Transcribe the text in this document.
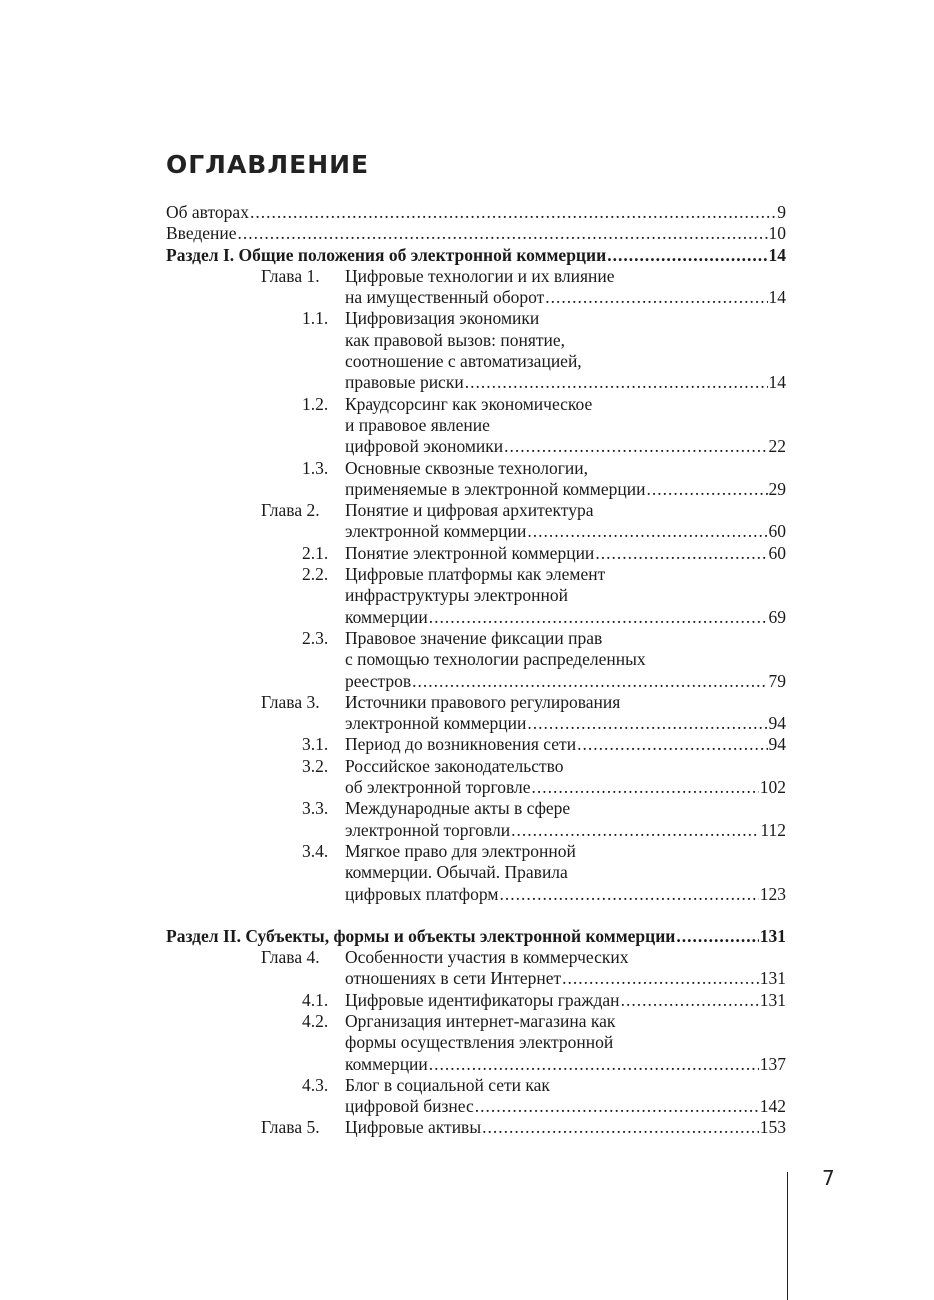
ОГЛАВЛЕНИЕ
Об авторах .....	9
Введение .....	10
Раздел I. Общие положения об электронной коммерции .....	14
Глава 1. Цифровые технологии и их влияние
на имущественный оборот .....	14
1.1. Цифровизация экономики
как правовой вызов: понятие,
соотношение с автоматизацией,
правовые риски .....	14
1.2. Краудсорсинг как экономическое
и правовое явление
цифровой экономики .....	22
1.3. Основные сквозные технологии,
применяемые в электронной коммерции .....	29
Глава 2. Понятие и цифровая архитектура
электронной коммерции .....	60
2.1. Понятие электронной коммерции .....	60
2.2. Цифровые платформы как элемент
инфраструктуры электронной
коммерции .....	69
2.3. Правовое значение фиксации прав
с помощью технологии распределенных
реестров .....	79
Глава 3. Источники правового регулирования
электронной коммерции .....	94
3.1. Период до возникновения сети .....	94
3.2. Российское законодательство
об электронной торговле .....	102
3.3. Международные акты в сфере
электронной торговли .....	112
3.4. Мягкое право для электронной
коммерции. Обычай. Правила
цифровых платформ .....	123
Раздел II. Субъекты, формы и объекты электронной коммерции .....	131
Глава 4. Особенности участия в коммерческих
отношениях в сети Интернет .....	131
4.1. Цифровые идентификаторы граждан .....	131
4.2. Организация интернет-магазина как
формы осуществления электронной
коммерции .....	137
4.3. Блог в социальной сети как
цифровой бизнес .....	142
Глава 5. Цифровые активы .....	153
7
